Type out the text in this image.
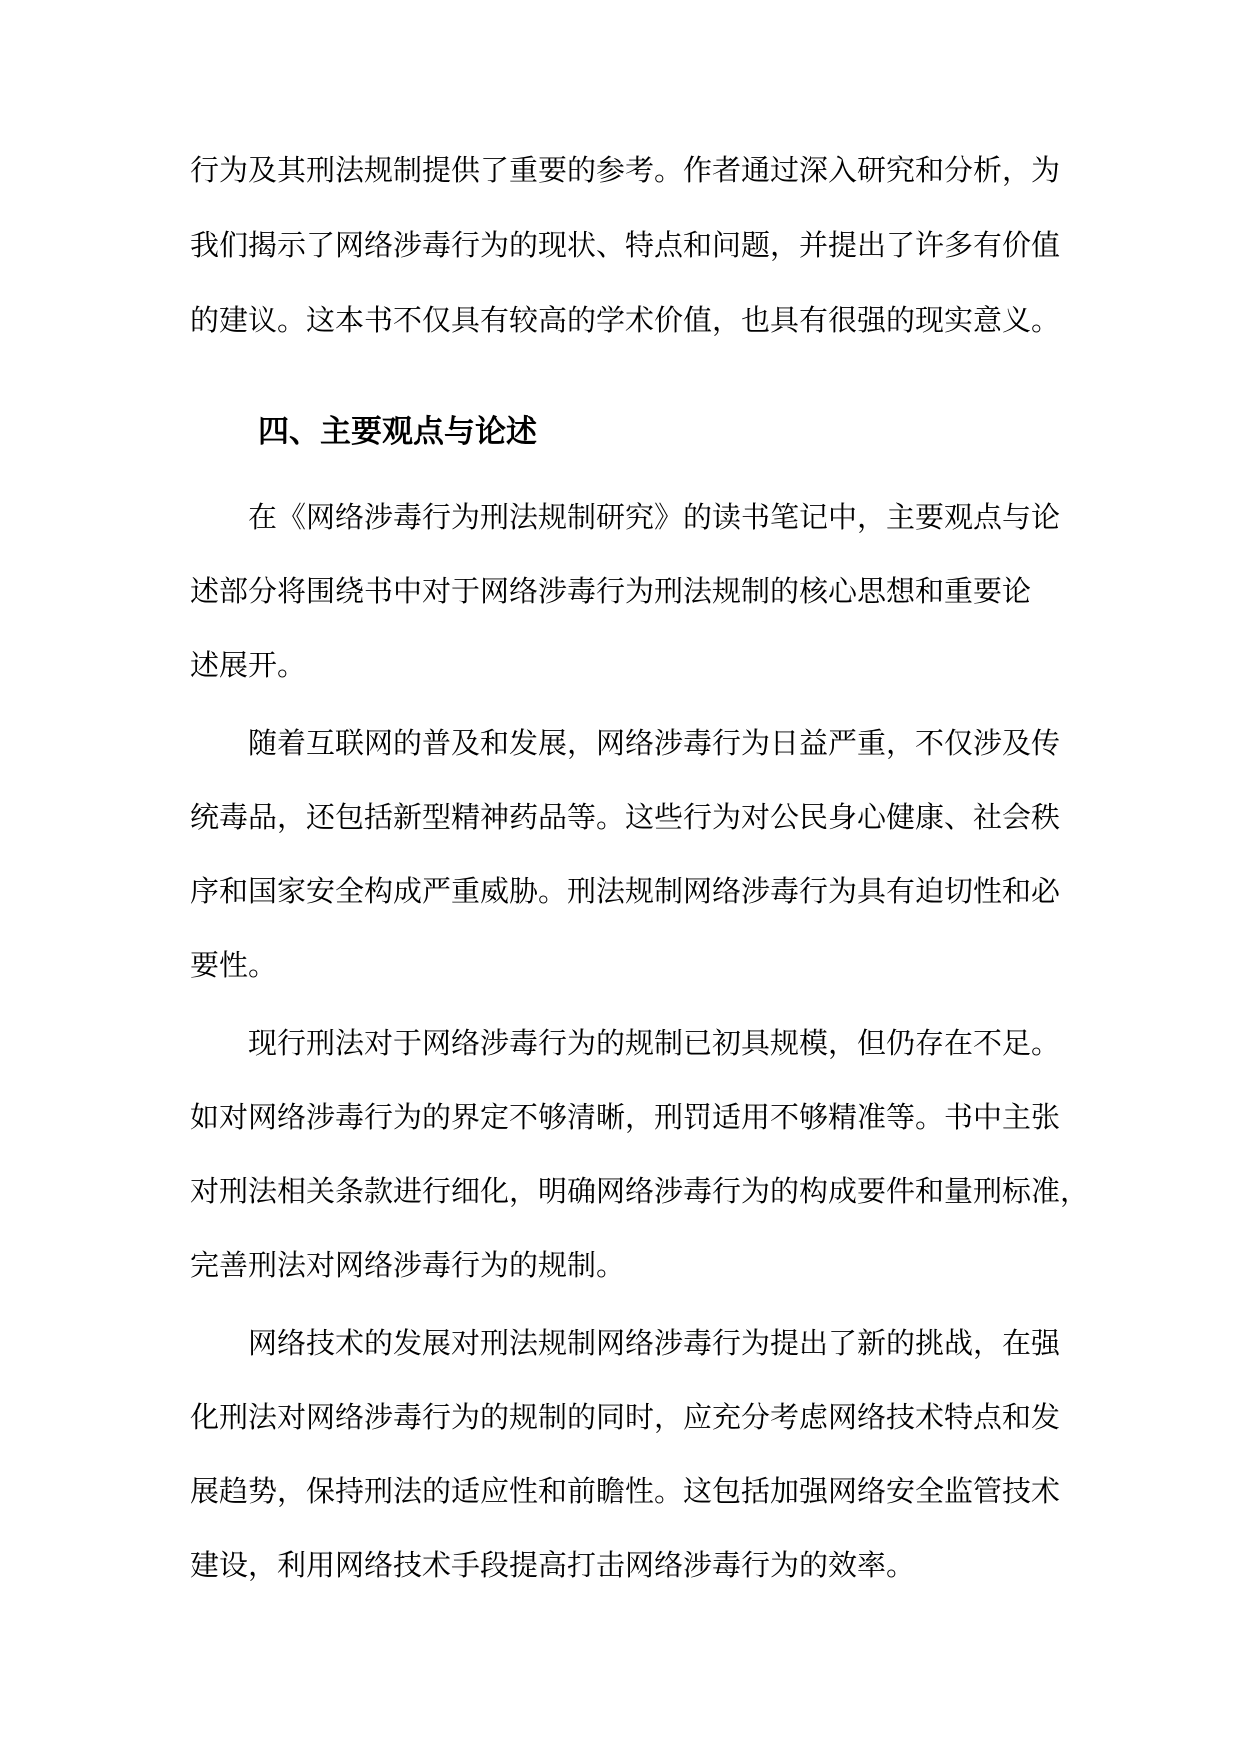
行为及其刑法规制提供了重要的参考。作者通过深入研究和分析，为
我们揭示了网络涉毒行为的现状、特点和问题，并提出了许多有价值
的建议。这本书不仅具有较高的学术价值，也具有很强的现实意义。
四、主要观点与论述
在《网络涉毒行为刑法规制研究》的读书笔记中，主要观点与论
述部分将围绕书中对于网络涉毒行为刑法规制的核心思想和重要论
述展开。
随着互联网的普及和发展，网络涉毒行为日益严重，不仅涉及传
统毒品，还包括新型精神药品等。这些行为对公民身心健康、社会秩
序和国家安全构成严重威胁。刑法规制网络涉毒行为具有迫切性和必
要性。
现行刑法对于网络涉毒行为的规制已初具规模，但仍存在不足。
如对网络涉毒行为的界定不够清晰，刑罚适用不够精准等。书中主张
对刑法相关条款进行细化，明确网络涉毒行为的构成要件和量刑标准，
完善刑法对网络涉毒行为的规制。
网络技术的发展对刑法规制网络涉毒行为提出了新的挑战，在强
化刑法对网络涉毒行为的规制的同时，应充分考虑网络技术特点和发
展趋势，保持刑法的适应性和前瞻性。这包括加强网络安全监管技术
建设，利用网络技术手段提高打击网络涉毒行为的效率。
